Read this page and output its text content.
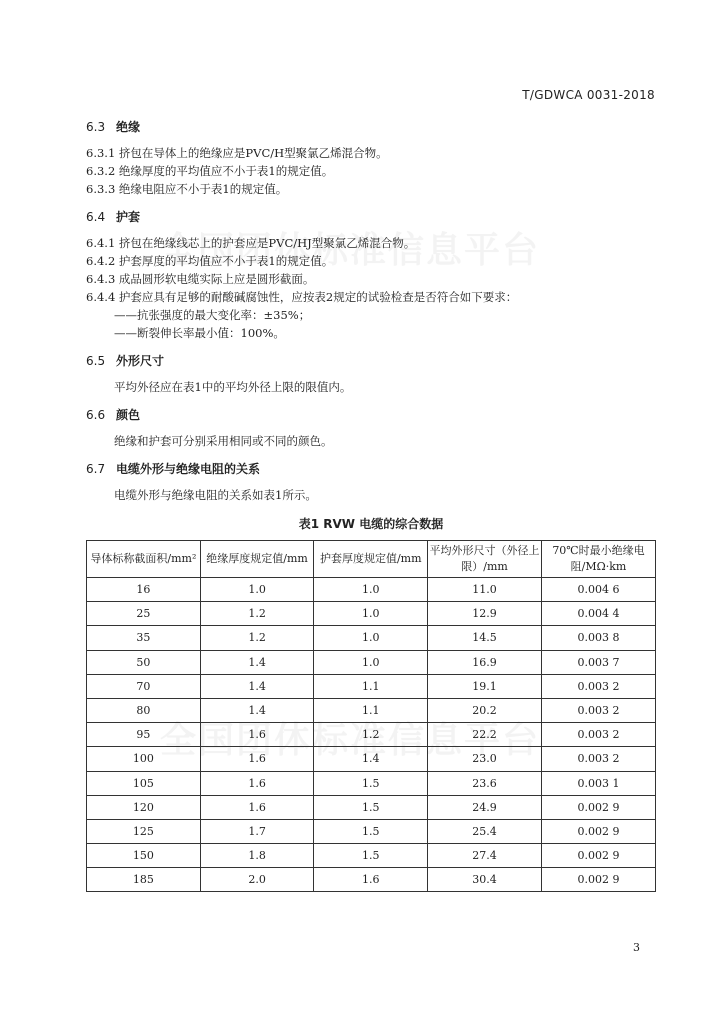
T/GDWCA 0031-2018
6.3 绝缘
6.3.1 挤包在导体上的绝缘应是PVC/H型聚氯乙烯混合物。
6.3.2 绝缘厚度的平均值应不小于表1的规定值。
6.3.3 绝缘电阻应不小于表1的规定值。
6.4 护套
6.4.1 挤包在绝缘线芯上的护套应是PVC/HJ型聚氯乙烯混合物。
6.4.2 护套厚度的平均值应不小于表1的规定值。
6.4.3 成品圆形软电缆实际上应是圆形截面。
6.4.4 护套应具有足够的耐酸碱腐蚀性，应按表2规定的试验检查是否符合如下要求：
——抗张强度的最大变化率：±35%；
——断裂伸长率最小值：100%。
6.5 外形尺寸
平均外径应在表1中的平均外径上限的限值内。
6.6 颜色
绝缘和护套可分别采用相同或不同的颜色。
6.7 电缆外形与绝缘电阻的关系
电缆外形与绝缘电阻的关系如表1所示。
表1 RVW 电缆的综合数据
导体标称截面积/mm²	绝缘厚度规定值/mm	护套厚度规定值/mm	平均外形尺寸（外径上限）/mm	70℃时最小绝缘电阻/MΩ·km
16	1.0	1.0	11.0	0.004 6
25	1.2	1.0	12.9	0.004 4
35	1.2	1.0	14.5	0.003 8
50	1.4	1.0	16.9	0.003 7
70	1.4	1.1	19.1	0.003 2
80	1.4	1.1	20.2	0.003 2
95	1.6	1.2	22.2	0.003 2
100	1.6	1.4	23.0	0.003 2
105	1.6	1.5	23.6	0.003 1
120	1.6	1.5	24.9	0.002 9
125	1.7	1.5	25.4	0.002 9
150	1.8	1.5	27.4	0.002 9
185	2.0	1.6	30.4	0.002 9
3
